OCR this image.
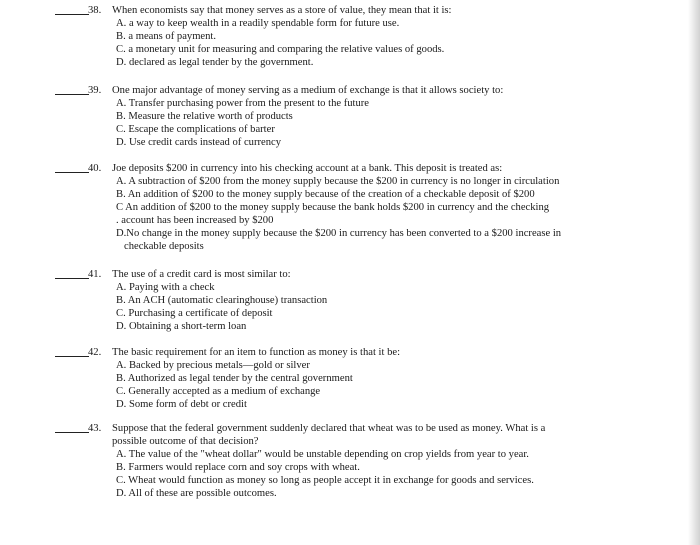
38. When economists say that money serves as a store of value, they mean that it is:
A. a way to keep wealth in a readily spendable form for future use.
B. a means of payment.
C. a monetary unit for measuring and comparing the relative values of goods.
D. declared as legal tender by the government.
39. One major advantage of money serving as a medium of exchange is that it allows society to:
A. Transfer purchasing power from the present to the future
B. Measure the relative worth of products
C. Escape the complications of barter
D. Use credit cards instead of currency
40. Joe deposits $200 in currency into his checking account at a bank. This deposit is treated as:
A. A subtraction of $200 from the money supply because the $200 in currency is no longer in circulation
B. An addition of $200 to the money supply because of the creation of a checkable deposit of $200
C An addition of $200 to the money supply because the bank holds $200 in currency and the checking
. account has been increased by $200
D.No change in the money supply because the $200 in currency has been converted to a $200 increase in
checkable deposits
41. The use of a credit card is most similar to:
A. Paying with a check
B. An ACH (automatic clearinghouse) transaction
C. Purchasing a certificate of deposit
D. Obtaining a short-term loan
42. The basic requirement for an item to function as money is that it be:
A. Backed by precious metals—gold or silver
B. Authorized as legal tender by the central government
C. Generally accepted as a medium of exchange
D. Some form of debt or credit
43. Suppose that the federal government suddenly declared that wheat was to be used as money. What is a
possible outcome of that decision?
A. The value of the "wheat dollar" would be unstable depending on crop yields from year to year.
B. Farmers would replace corn and soy crops with wheat.
C. Wheat would function as money so long as people accept it in exchange for goods and services.
D. All of these are possible outcomes.
